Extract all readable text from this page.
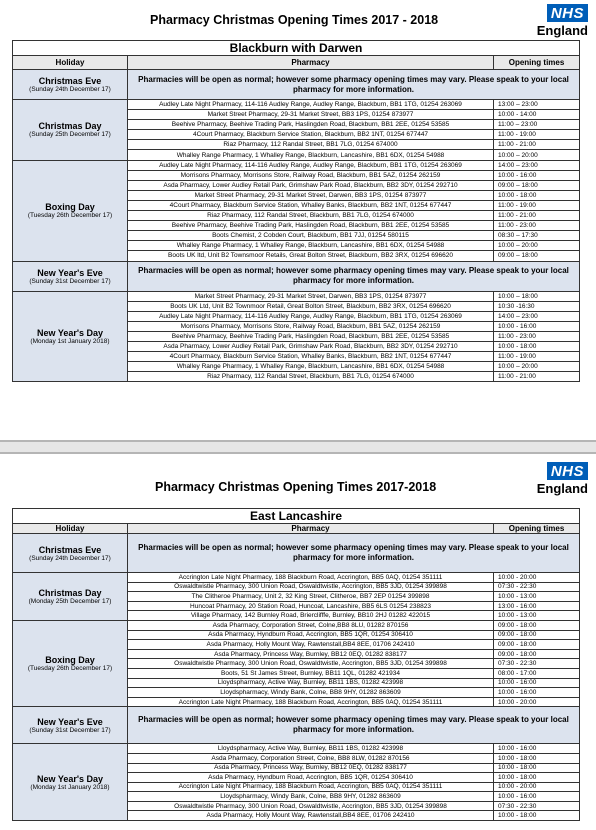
Pharmacy Christmas Opening Times 2017 - 2018	NHS
England
Blackburn with Darwen		
Holiday	Pharmacy	Opening times

Christmas Eve
(Sunday 24th December 17)	Pharmacies will be open as normal; however some pharmacy opening times may vary. Please speak to your local pharmacy for more information.	

Christmas Day
(Sunday 25th December 17)	Audley Late Night Pharmacy, 114-116 Audley Range, Audley Range, Blackburn, BB1 1TG, 01254 263069	13:00 – 23:00
	Market Street Pharmacy, 29-31 Market Street, BB3 1PS, 01254 873977	10:00 - 14:00
	Beehive Pharmacy, Beehive Trading Park, Haslingden Road, Blackburn, BB1 2EE, 01254 53585	11:00 – 23:00
	4Court Pharmacy, Blackburn Service Station, Blackburn, BB2 1NT, 01254 677447	11:00 - 19:00
	Riaz Pharmacy, 112 Randal Street, BB1 7LG, 01254 674000	11:00 - 21:00
	Whalley Range Pharmacy, 1 Whalley Range, Blackburn, Lancashire, BB1 6DX, 01254 54988	10:00 – 20:00

Boxing Day
(Tuesday 26th December 17)	Audley Late Night Pharmacy, 114-116 Audley Range, Audley Range, Blackburn, BB1 1TG, 01254 263069	14:00 – 23:00
	Morrisons Pharmacy, Morrisons Store, Railway Road, Blackburn, BB1 5AZ, 01254 262159	10:00 - 16:00
	Asda Pharmacy, Lower Audley Retail Park, Grimshaw Park Road, Blackburn, BB2 3DY, 01254 292710	09:00 – 18:00
	Market Street Pharmacy, 29-31 Market Street, Darwen, BB3 1PS, 01254 873977	10:00 - 18:00
	4Court Pharmacy, Blackburn Service Station, Whalley Banks, Blackburn, BB2 1NT, 01254 677447	11:00 - 19:00
	Riaz Pharmacy, 112 Randal Street, Blackburn, BB1 7LG, 01254 674000	11:00 - 21:00
	Beehive Pharmacy, Beehive Trading Park, Haslingden Road, Blackburn, BB1 2EE, 01254 53585	11:00 - 23:00
	Boots Chemist, 2 Cobden Court, Blackburn, BB1 7JJ, 01254 580115	08:30 – 17:30
	Whalley Range Pharmacy, 1 Whalley Range, Blackburn, Lancashire, BB1 6DX, 01254 54988	10:00 – 20:00
	Boots UK ltd, Unit B2 Townsmoor Retails, Great Bolton Street, Blackburn, BB2 3RX, 01254 696620	09:00 – 18:00

New Year's Eve
(Sunday 31st December 17)	Pharmacies will be open as normal; however some pharmacy opening times may vary. Please speak to your local pharmacy for more information.	

New Year's Day
(Monday 1st January 2018)	Market Street Pharmacy, 29-31 Market Street, Darwen, BB3 1PS, 01254 873977	10:00 – 18:00
	Boots UK Ltd, Unit B2 Townmoor Retail, Great Bolton Street, Blackburn, BB2 3RX, 01254 696620	10:30 -16:30
	Audley Late Night Pharmacy, 114-116 Audley Range, Audley Range, Blackburn, BB1 1TG, 01254 263069	14:00 – 23:00
	Morrisons Pharmacy, Morrisons Store, Railway Road, Blackburn, BB1 5AZ, 01254 262159	10:00 - 16:00
	Beehive Pharmacy, Beehive Trading Park, Haslingden Road, Blackburn, BB1 2EE, 01254 53585	11:00 - 23:00
	Asda Pharmacy, Lower Audley Retail Park, Grimshaw Park Road, Blackburn, BB2 3DY, 01254 292710	10:00 - 18:00
	4Court Pharmacy, Blackburn Service Station, Whalley Banks, Blackburn, BB2 1NT, 01254 677447	11:00 - 19:00
	Whalley Range Pharmacy, 1 Whalley Range, Blackburn, Lancashire, BB1 6DX, 01254 54988	10:00 – 20:00
	Riaz Pharmacy, 112 Randal Street, Blackburn, BB1 7LG, 01254 674000	11:00 - 21:00
Pharmacy Christmas Opening Times 2017-2018
NHS
England
East Lancashire		
Holiday	Pharmacy	Opening times

Christmas Eve
(Sunday 24th December 17)	Pharmacies will be open as normal; however some pharmacy opening times may vary. Please speak to your local pharmacy for more information.	

Christmas Day
(Monday 25th December 17)	Accrington Late Night Pharmacy, 188 Blackburn Road, Accrington, BB5 0AQ, 01254 351111	10:00 - 20:00
	Oswaldtwistle Pharmacy, 300 Union Road, Oswaldtwistle, Accrington, BB5 3JD, 01254 399898	07:30 - 22:30
	The Clitheroe Pharmacy, Unit 2, 32 King Street, Clitheroe, BB7 2EP 01254 399898	10:00 - 13:00
	Huncoat Pharmacy, 20 Station Road, Huncoat, Lancashire, BB5 6LS 01254 238823	13:00 - 16:00
	Village Pharmacy, 142 Burnley Road, Brierclifffe, Burnley, BB10 2HJ 01282 422015	10:00 - 13:00

Boxing Day
(Tuesday 26th December 17)	Asda Pharmacy, Corporation Street, Colne,BB8 8LU, 01282 870156	09:00 - 18:00
	Asda Pharmacy, Hyndburn Road, Accrington, BB5 1QR, 01254 306410	09:00 - 18:00
	Asda Pharmacy, Holly Mount Way, Rawtenstall,BB4 8EE, 01706 242410	09:00 - 18:00
	Asda Pharmacy, Princess Way, Burnley, BB12 0EQ, 01282 838177	09:00 - 18:00
	Oswaldtwistle Pharmacy, 300 Union Road, Oswaldtwistle, Accrington, BB5 3JD, 01254 399898	07:30 - 22:30
	Boots, 51 St James Street, Burnley, BB11 1QL, 01282 421934	08:00 - 17:00
	Lloydspharmacy, Active Way, Burnley, BB11 1BS, 01282 423998	10:00 - 16:00
	Lloydspharmacy, Windy Bank, Colne, BB8 9HY, 01282 863609	10:00 - 16:00
	Accrington Late Night Pharmacy, 188 Blackburn Road, Accrington, BB5 0AQ, 01254 351111	10:00 - 20:00

New Year's Eve
(Sunday 31st December 17)	Pharmacies will be open as normal; however some pharmacy opening times may vary. Please speak to your local pharmacy for more information.	

New Year's Day
(Monday 1st January 2018)	Lloydspharmacy, Active Way, Burnley, BB11 1BS, 01282 423998	10:00 - 16:00
	Asda Pharmacy, Corporation Street, Colne, BB8 8LW, 01282 870156	10:00 - 18:00
	Asda Pharmacy, Princess Way, Burnley, BB12 0EQ, 01282 838177	10:00 - 18:00
	Asda Pharmacy, Hyndburn Road, Accrington, BB5 1QR, 01254 306410	10:00 - 18:00
	Accrington Late Night Pharmacy, 188 Blackburn Road, Accrington, BB5 0AQ, 01254 351111	10:00 - 20:00
	Lloydspharmacy, Windy Bank, Colne, BB8 9HY, 01282 863609	10:00 - 16:00
	Oswaldtwistle Pharmacy, 300 Union Road, Oswaldtwistle, Accrington, BB5 3JD, 01254 399898	07:30 - 22:30
	Asda Pharmacy, Holly Mount Way, Rawtenstall,BB4 8EE, 01706 242410	10:00 - 18:00
